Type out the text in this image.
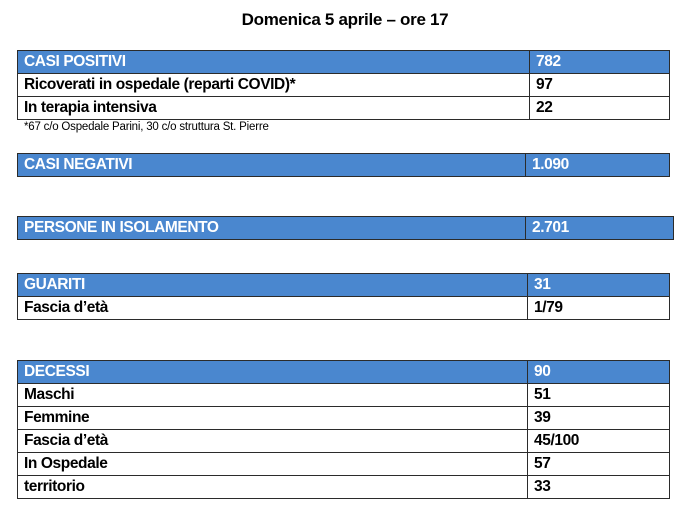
Domenica 5 aprile – ore 17
CASI POSITIVI	782
Ricoverati in ospedale (reparti COVID)*	97
In terapia intensiva	22
*67 c/o Ospedale Parini, 30 c/o struttura St. Pierre
CASI NEGATIVI	1.090
PERSONE IN ISOLAMENTO	2.701
GUARITI	31
Fascia d’età	1/79
DECESSI	90
Maschi	51
Femmine	39
Fascia d’età	45/100
In Ospedale	57
territorio	33
